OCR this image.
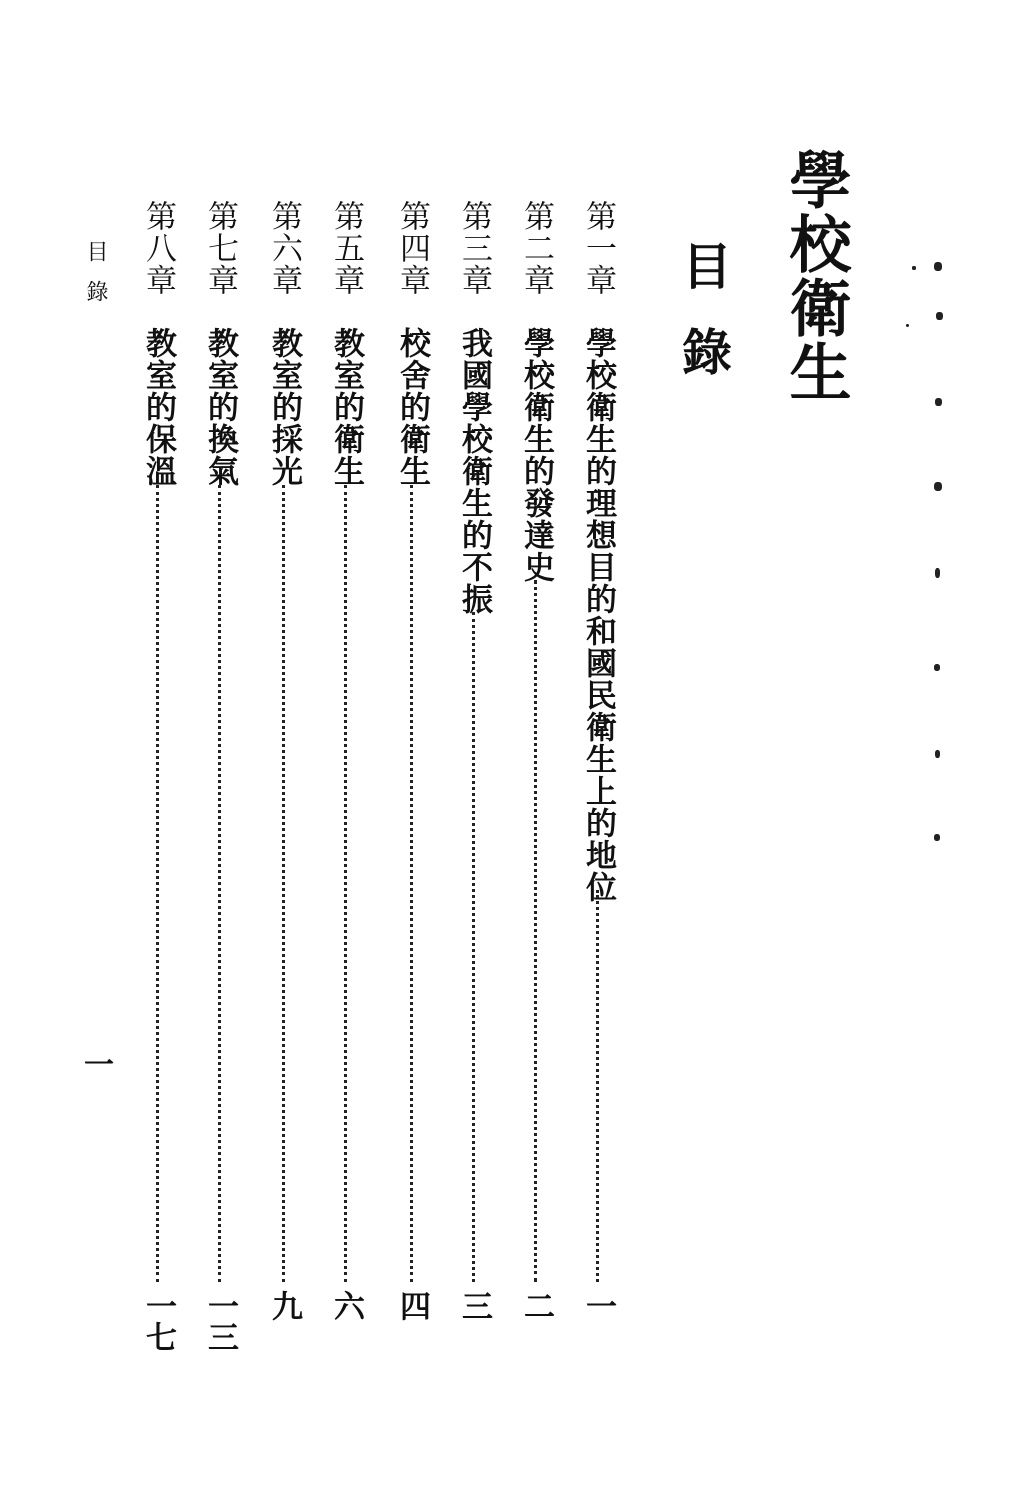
學校衛生
目錄
第一章
學校衛生的理想目的和國民衛生上的地位
一
第二章
學校衛生的發達史
二
第三章
我國學校衛生的不振
三
第四章
校舍的衛生
四
第五章
教室的衛生
六
第六章
教室的採光
九
第七章
教室的換氣
一三
第八章
教室的保溫
一七
目錄
一
